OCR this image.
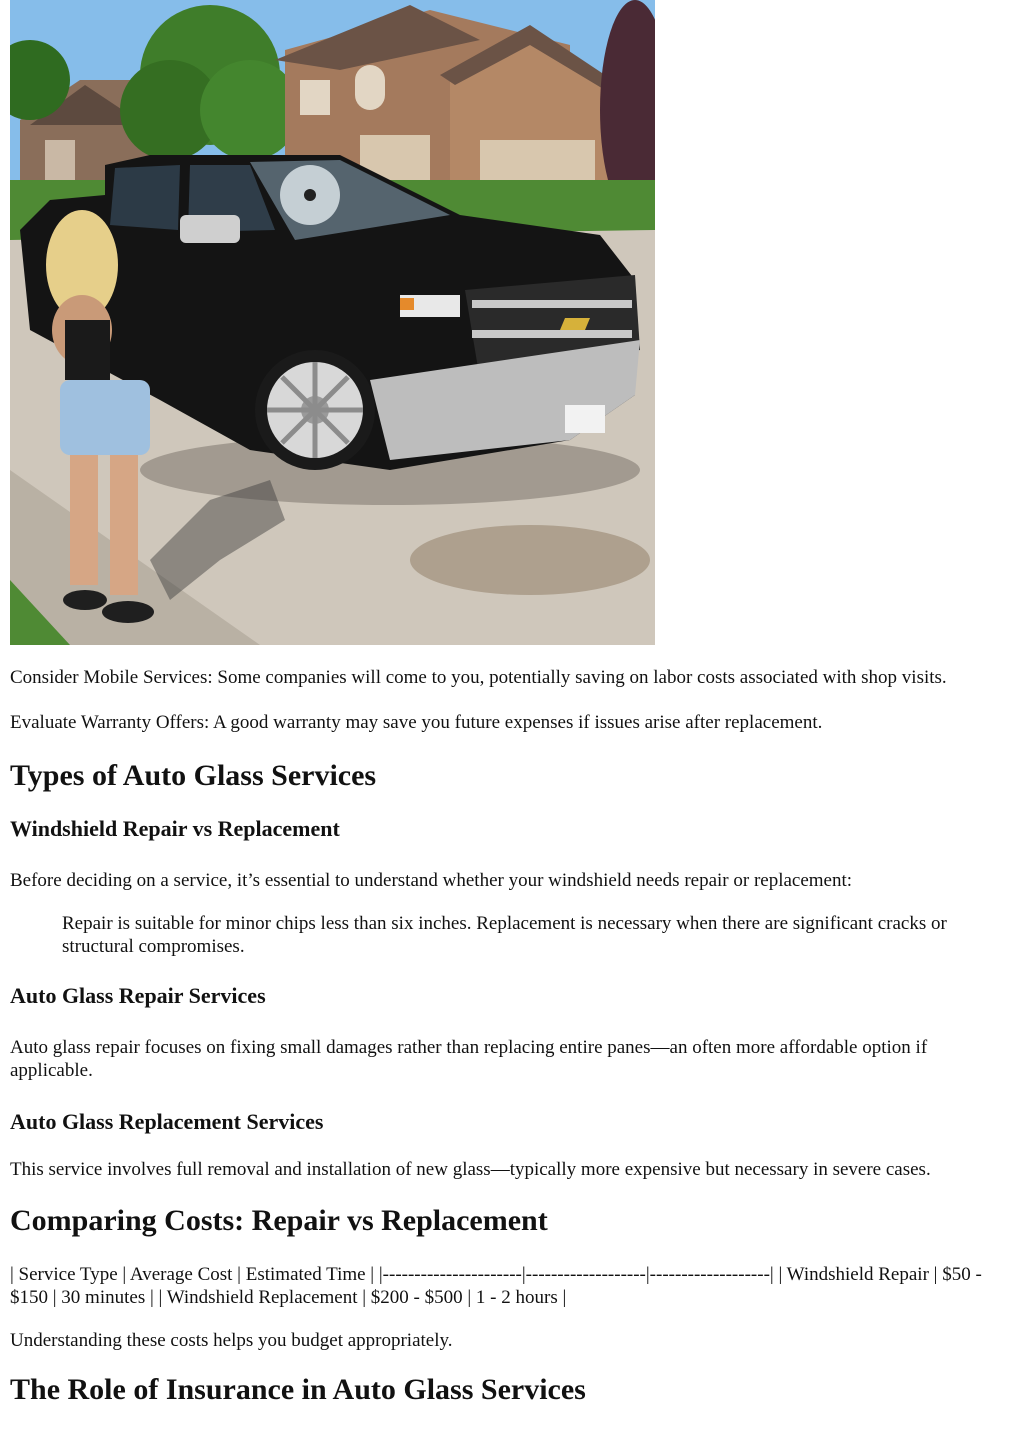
Consider Mobile Services: Some companies will come to you, potentially saving on labor costs associated with shop visits.

Evaluate Warranty Offers: A good warranty may save you future expenses if issues arise after replacement.

Types of Auto Glass Services
Windshield Repair vs Replacement

Before deciding on a service, it’s essential to understand whether your windshield needs repair or replacement:

Repair is suitable for minor chips less than six inches. Replacement is necessary when there are significant cracks or structural compromises.
Auto Glass Repair Services

Auto glass repair focuses on fixing small damages rather than replacing entire panes—an often more affordable option if applicable.

Auto Glass Replacement Services

This service involves full removal and installation of new glass—typically more expensive but necessary in severe cases.

Comparing Costs: Repair vs Replacement

| Service Type | Average Cost | Estimated Time | |----------------------|-------------------|-------------------| | Windshield Repair | $50 - $150 | 30 minutes | | Windshield Replacement | $200 - $500 | 1 - 2 hours |

Understanding these costs helps you budget appropriately.

The Role of Insurance in Auto Glass Services
